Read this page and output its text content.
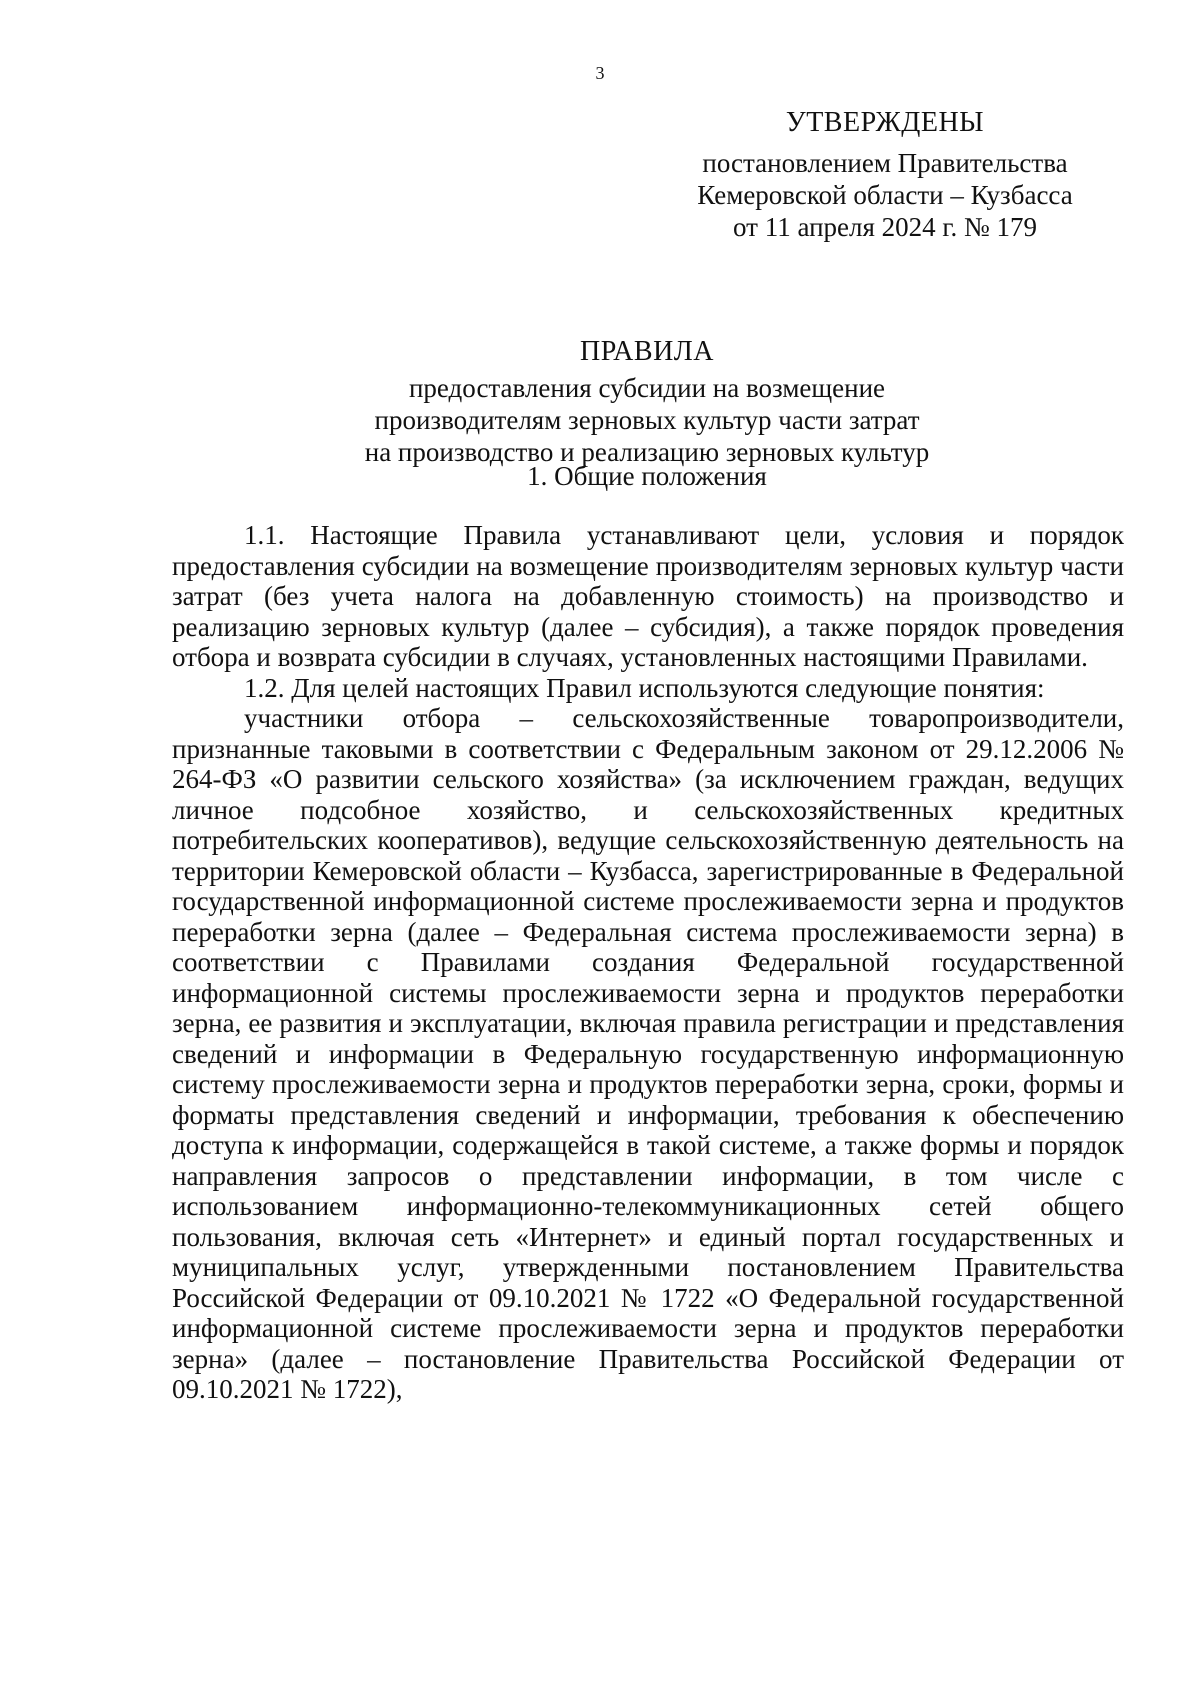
3
УТВЕРЖДЕНЫ
постановлением Правительства
Кемеровской области – Кузбасса
от 11 апреля 2024 г. № 179
ПРАВИЛА
предоставления субсидии на возмещение
производителям зерновых культур части затрат
на производство и реализацию зерновых культур
1. Общие положения

1.1. Настоящие Правила устанавливают цели, условия и порядок предоставления субсидии на возмещение производителям зерновых культур части затрат (без учета налога на добавленную стоимость) на производство и реализацию зерновых культур (далее – субсидия), а также порядок проведения отбора и возврата субсидии в случаях, установленных настоящими Правилами.

1.2. Для целей настоящих Правил используются следующие понятия:

участники отбора – сельскохозяйственные товаропроизводители, признанные таковыми в соответствии с Федеральным законом от 29.12.2006 № 264-ФЗ «О развитии сельского хозяйства» (за исключением граждан, ведущих личное подсобное хозяйство, и сельскохозяйственных кредитных потребительских кооперативов), ведущие сельскохозяйственную деятельность на территории Кемеровской области – Кузбасса, зарегистрированные в Федеральной государственной информационной системе прослеживаемости зерна и продуктов переработки зерна (далее – Федеральная система прослеживаемости зерна) в соответствии с Правилами создания Федеральной государственной информационной системы прослеживаемости зерна и продуктов переработки зерна, ее развития и эксплуатации, включая правила регистрации и представления сведений и информации в Федеральную государственную информационную систему прослеживаемости зерна и продуктов переработки зерна, сроки, формы и форматы представления сведений и информации, требования к обеспечению доступа к информации, содержащейся в такой системе, а также формы и порядок направления запросов о представлении информации, в том числе с использованием информационно-телекоммуникационных сетей общего пользования, включая сеть «Интернет» и единый портал государственных и муниципальных услуг, утвержденными постановлением Правительства Российской Федерации от 09.10.2021 № 1722 «О Федеральной государственной информационной системе прослеживаемости зерна и продуктов переработки зерна» (далее – постановление Правительства Российской Федерации от 09.10.2021 № 1722),
